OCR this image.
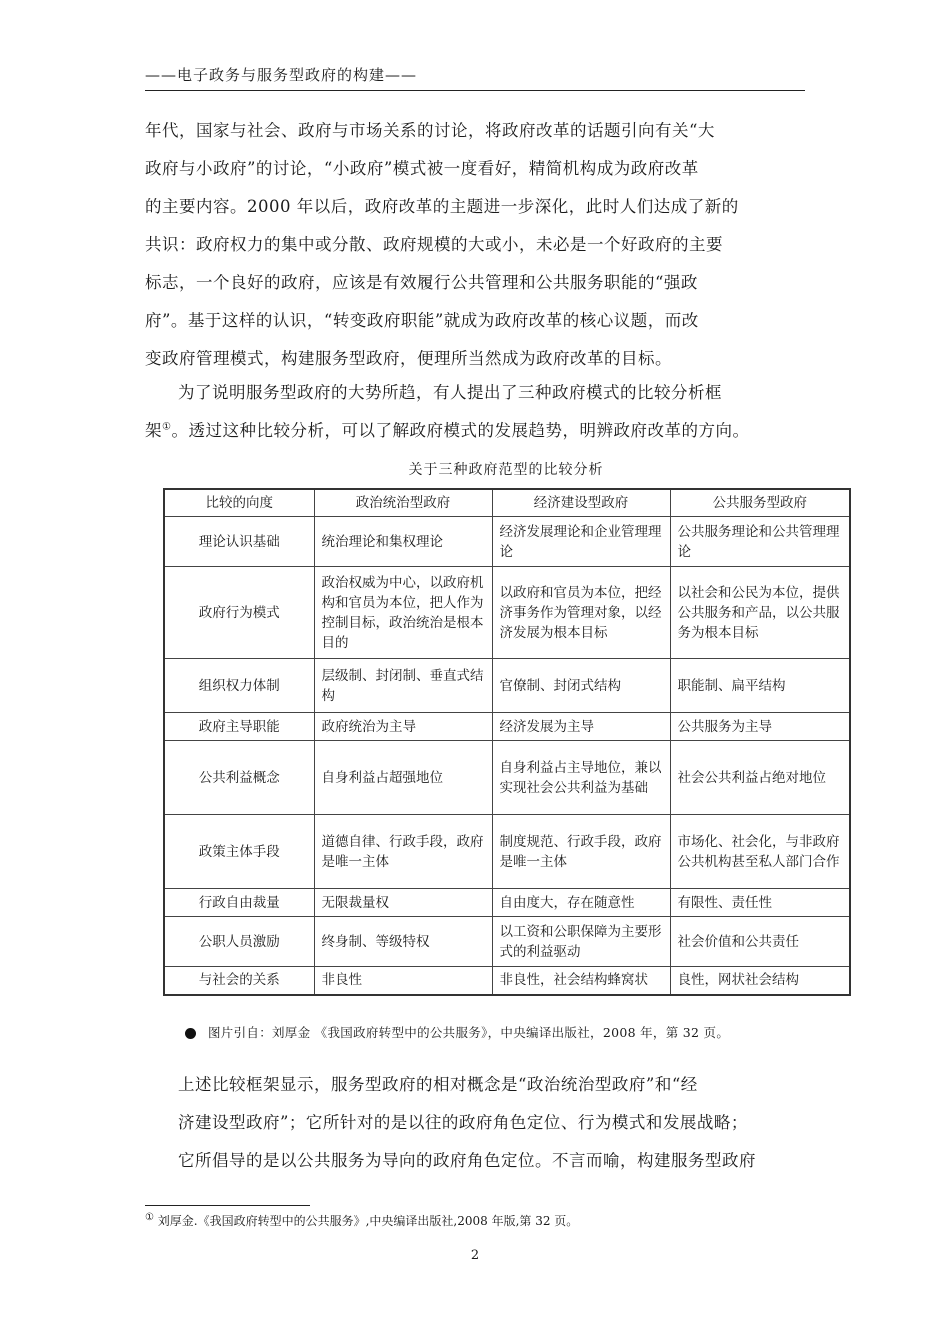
——电子政务与服务型政府的构建——

年代，国家与社会、政府与市场关系的讨论，将政府改革的话题引向有关“大

政府与小政府”的讨论，“小政府”模式被一度看好，精简机构成为政府改革

的主要内容。2000 年以后，政府改革的主题进一步深化，此时人们达成了新的

共识：政府权力的集中或分散、政府规模的大或小，未必是一个好政府的主要

标志，一个良好的政府，应该是有效履行公共管理和公共服务职能的“强政

府”。基于这样的认识，“转变政府职能”就成为政府改革的核心议题，而改

变政府管理模式，构建服务型政府，便理所当然成为政府改革的目标。

为了说明服务型政府的大势所趋，有人提出了三种政府模式的比较分析框
架①。透过这种比较分析，可以了解政府模式的发展趋势，明辨政府改革的方向。
关于三种政府范型的比较分析
比较的向度	政治统治型政府	经济建设型政府	公共服务型政府
理论认识基础	统治理论和集权理论	经济发展理论和企业管理理论	公共服务理论和公共管理理论
政府行为模式	政治权威为中心，以政府机构和官员为本位，把人作为控制目标，政治统治是根本目的	以政府和官员为本位，把经济事务作为管理对象，以经济发展为根本目标	以社会和公民为本位，提供公共服务和产品，以公共服务为根本目标
组织权力体制	层级制、封闭制、垂直式结构	官僚制、封闭式结构	职能制、扁平结构
政府主导职能	政府统治为主导	经济发展为主导	公共服务为主导
公共利益概念	自身利益占超强地位	自身利益占主导地位，兼以实现社会公共利益为基础	社会公共利益占绝对地位
政策主体手段	道德自律、行政手段，政府是唯一主体	制度规范、行政手段，政府是唯一主体	市场化、社会化，与非政府公共机构甚至私人部门合作
行政自由裁量	无限裁量权	自由度大，存在随意性	有限性、责任性
公职人员激励	终身制、等级特权	以工资和公职保障为主要形式的利益驱动	社会价值和公共责任
与社会的关系	非良性	非良性，社会结构蜂窝状	良性，网状社会结构
图片引自：刘厚金 《我国政府转型中的公共服务》，中央编译出版社，2008 年，第 32 页。

上述比较框架显示，服务型政府的相对概念是“政治统治型政府”和“经

济建设型政府”；它所针对的是以往的政府角色定位、行为模式和发展战略；

它所倡导的是以公共服务为导向的政府角色定位。不言而喻，构建服务型政府

① 刘厚金.《我国政府转型中的公共服务》,中央编译出版社,2008 年版,第 32 页。
2
